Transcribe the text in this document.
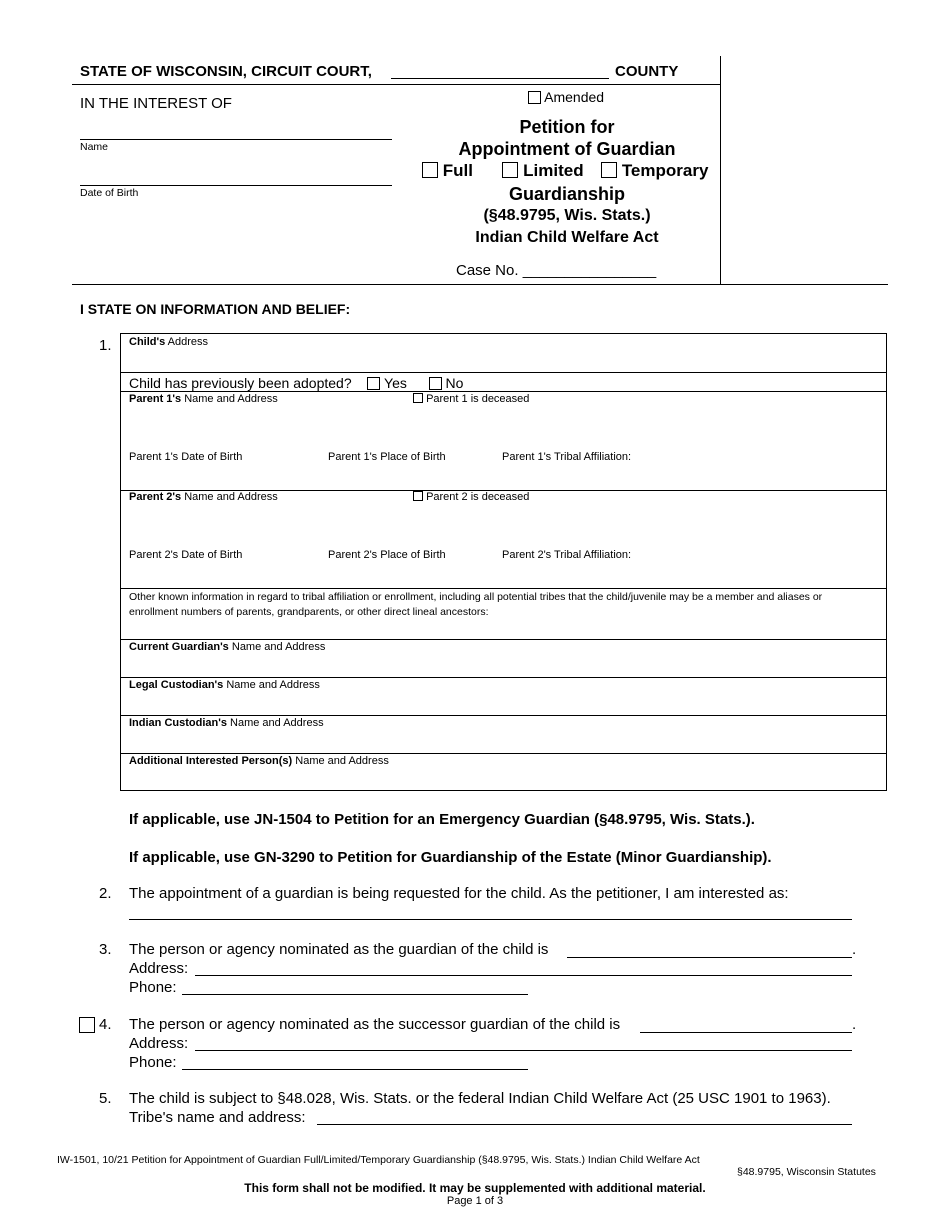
STATE OF WISCONSIN, CIRCUIT COURT,	COUNTY
IN THE INTEREST OF
Name
Date of Birth
Amended
Petition for
Appointment of Guardian
Full	Limited Temporary
Guardianship
(§48.9795, Wis. Stats.)
Indian Child Welfare Act
Case No. ________________
I STATE ON INFORMATION AND BELIEF:
1. Child's Address
Child has previously been adopted? Yes	No
Parent 1's Name and Address	Parent 1 is deceased
Parent 1's Date of Birth	Parent 1's Place of Birth	Parent 1's Tribal Affiliation:
Parent 2's Name and Address	Parent 2 is deceased
Parent 2's Date of Birth	Parent 2's Place of Birth	Parent 2's Tribal Affiliation:
Other known information in regard to tribal affiliation or enrollment, including all potential tribes that the child/juvenile may be a member and aliases or enrollment numbers of parents, grandparents, or other direct lineal ancestors:
Current Guardian's Name and Address
Legal Custodian's Name and Address
Indian Custodian's Name and Address
Additional Interested Person(s) Name and Address
If applicable, use JN-1504 to Petition for an Emergency Guardian (§48.9795, Wis. Stats.).
If applicable, use GN-3290 to Petition for Guardianship of the Estate (Minor Guardianship).
2. The appointment of a guardian is being requested for the child. As the petitioner, I am interested as:
3. The person or agency nominated as the guardian of the child is	.
Address:
Phone:
4. The person or agency nominated as the successor guardian of the child is	.
Address:
Phone:
5. The child is subject to §48.028, Wis. Stats. or the federal Indian Child Welfare Act (25 USC 1901 to 1963).
Tribe's name and address:
IW-1501, 10/21 Petition for Appointment of Guardian Full/Limited/Temporary Guardianship (§48.9795, Wis. Stats.) Indian Child Welfare Act
§48.9795, Wisconsin Statutes
This form shall not be modified. It may be supplemented with additional material.
Page 1 of 3
